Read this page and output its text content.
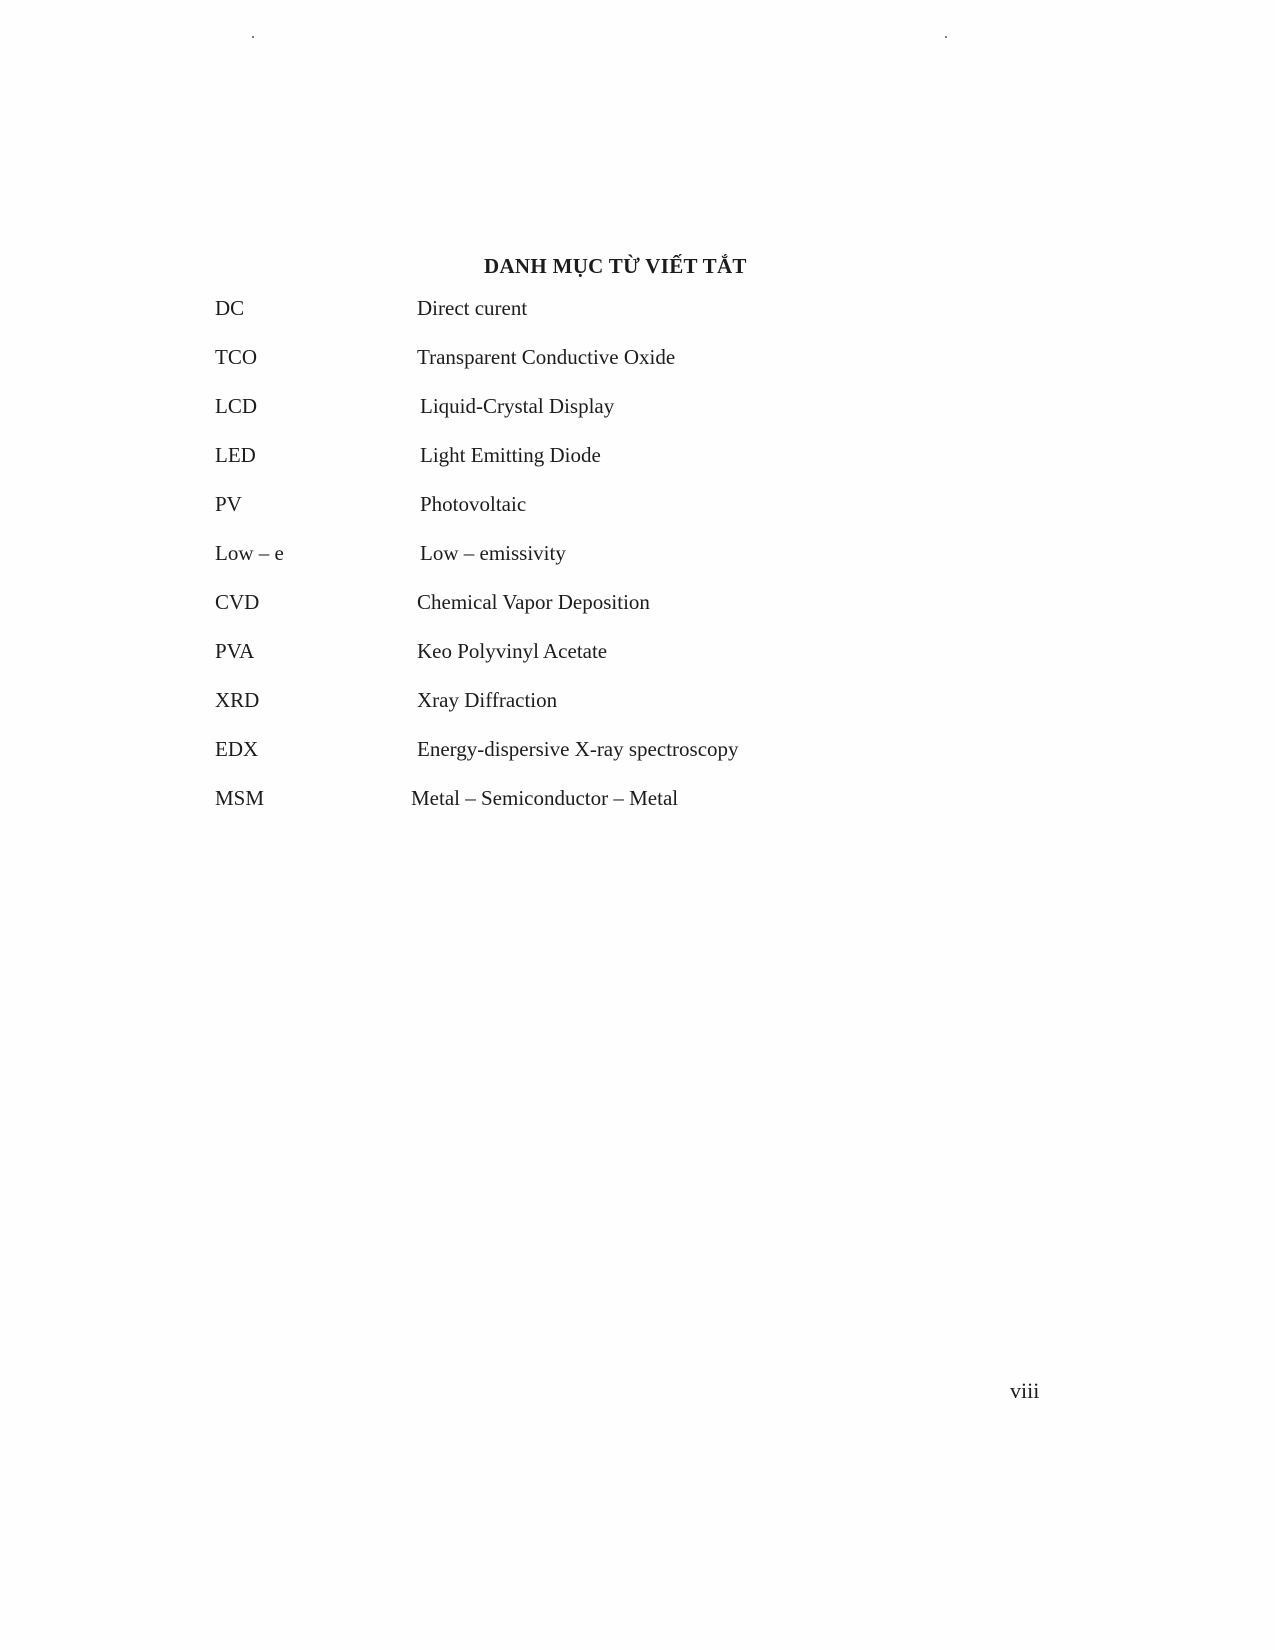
DANH MỤC TỪ VIẾT TẮT
DC	Direct curent
TCO	Transparent Conductive Oxide
LCD	Liquid-Crystal Display
LED	Light Emitting Diode
PV	Photovoltaic
Low – e	Low – emissivity
CVD	Chemical Vapor Deposition
PVA	Keo Polyvinyl Acetate
XRD	Xray Diffraction
EDX	Energy-dispersive X-ray spectroscopy
MSM	Metal – Semiconductor – Metal
viii
